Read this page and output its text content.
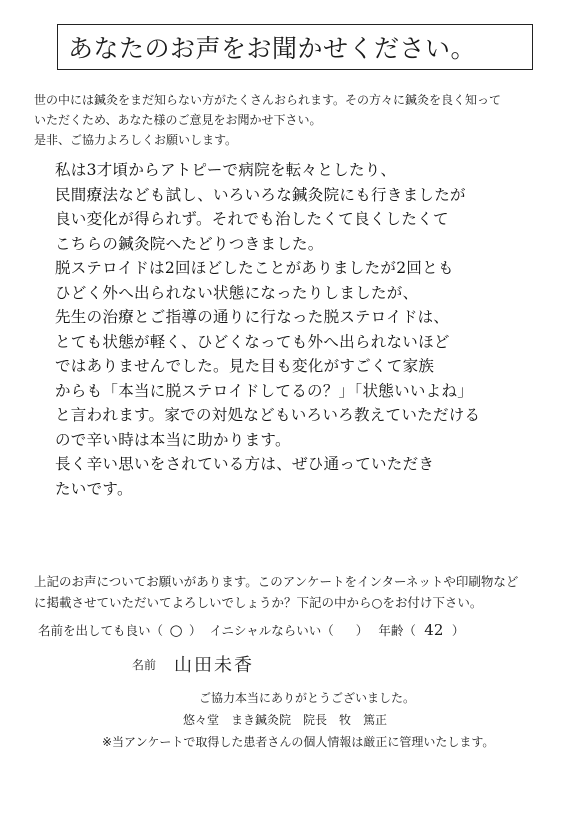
あなたのお声をお聞かせください。
世の中には鍼灸をまだ知らない方がたくさんおられます。その方々に鍼灸を良く知って
いただくため、あなた様のご意見をお聞かせ下さい。
是非、ご協力よろしくお願いします。
私は3才頃からアトピーで病院を転々としたり、
民間療法なども試し、いろいろな鍼灸院にも行きましたが
良い変化が得られず。それでも治したくて良くしたくて
こちらの鍼灸院へたどりつきました。
脱ステロイドは2回ほどしたことがありましたが2回とも
ひどく外へ出られない状態になったりしましたが、
先生の治療とご指導の通りに行なった脱ステロイドは、
とても状態が軽く、ひどくなっても外へ出られないほど
ではありませんでした。見た目も変化がすごくて家族
からも「本当に脱ステロイドしてるの？」「状態いいよね」
と言われます。家での対処などもいろいろ教えていただける
ので辛い時は本当に助かります。
長く辛い思いをされている方は、ぜひ通っていただき
たいです。
上記のお声についてお願いがあります。このアンケートをインターネットや印刷物など
に掲載させていただいてよろしいでしょうか？下記の中から○をお付け下さい。
名前を出しても良い（ ○ ） イニシャルならいい（ ） 年齢（ 42 ）
名前 山田未香
ご協力本当にありがとうございました。
悠々堂　まき鍼灸院　院長　牧　篤正
※当アンケートで取得した患者さんの個人情報は厳正に管理いたします。
